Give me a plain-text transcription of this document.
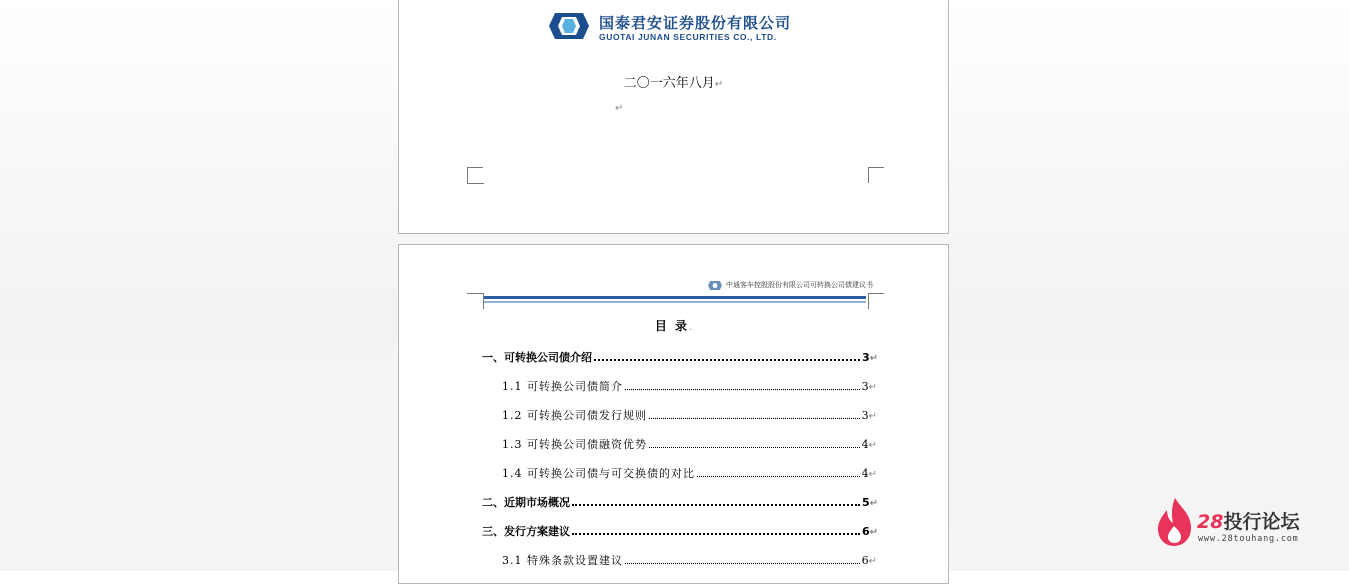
国泰君安证券股份有限公司
GUOTAI JUNAN SECURITIES CO., LTD.
二〇一六年八月↵
↵
中通客车控股股份有限公司可转换公司债建议书
目 录.
一、可转换公司债介绍	3 ↵
1.1 可转换公司债简介	3 ↵
1.2 可转换公司债发行规则	3 ↵
1.3 可转换公司债融资优势	4 ↵
1.4 可转换公司债与可交换债的对比	4 ↵
二、近期市场概况	5 ↵
三、发行方案建议	6 ↵
3.1 特殊条款设置建议	6 ↵
28投行论坛
www.28touhang.com
